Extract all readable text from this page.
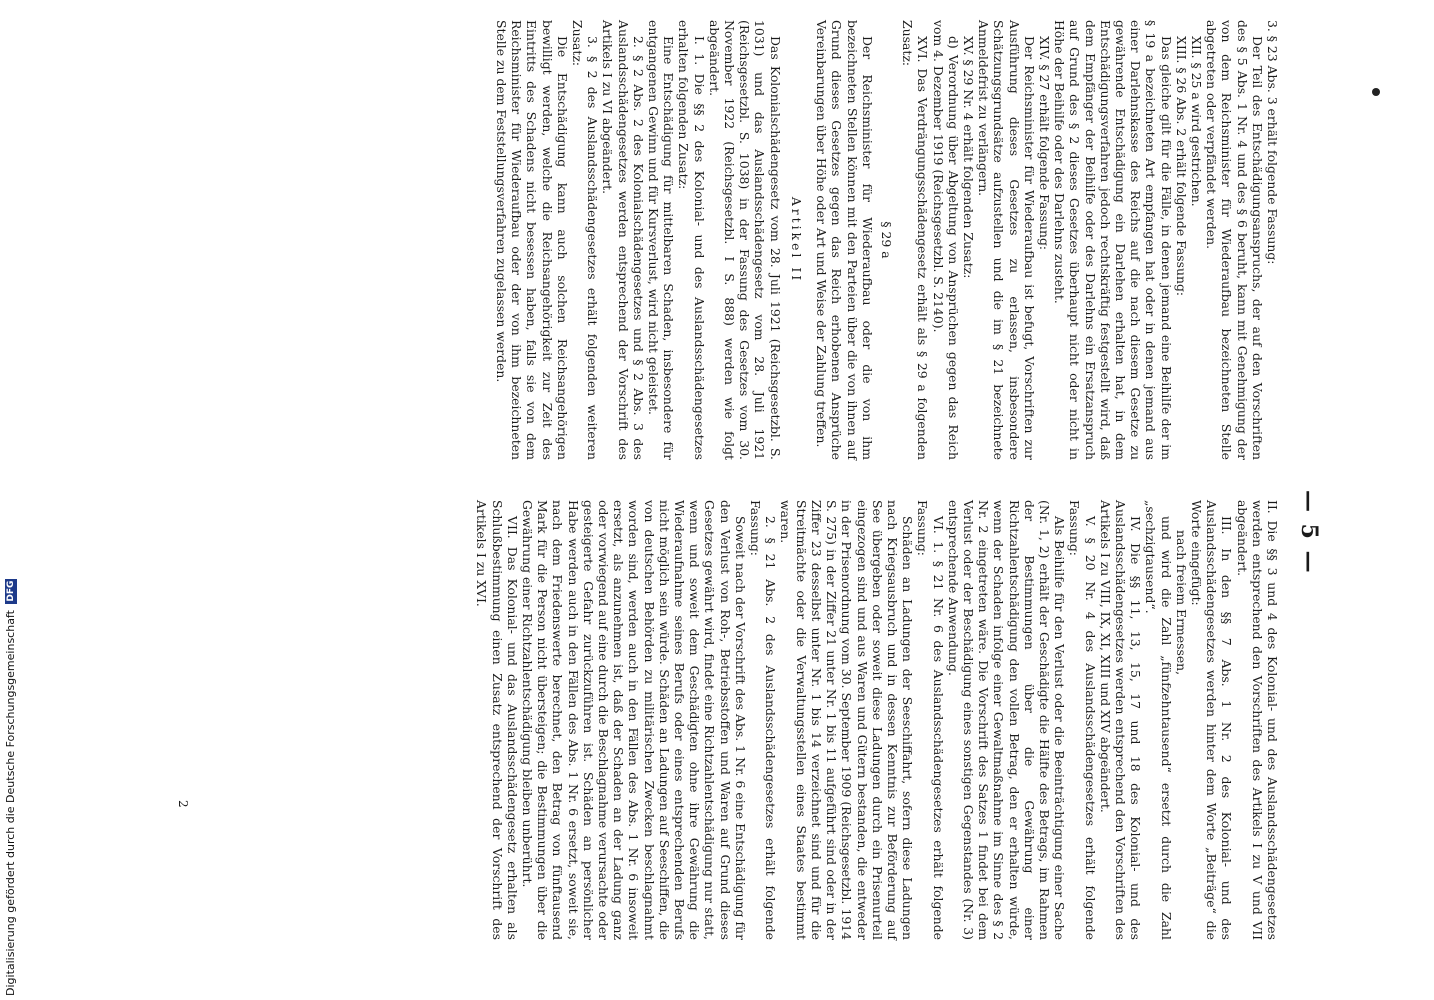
Digitalisierung gefördert durch die Deutsche Forschungsgemeinschaft DFG
— 5 —

3. § 23 Abs. 3 erhält folgende Fassung:

Der Teil des Entschädigungsanspruchs, der auf den Vorschriften des § 5 Abs. 1 Nr. 4 und des § 6 beruht, kann mit Genehmigung der von dem Reichsminister für Wiederaufbau bezeichneten Stelle abgetreten oder verpfändet werden.

XII. § 25 a wird gestrichen.

XIII. § 26 Abs. 2 erhält folgende Fassung:

Das gleiche gilt für die Fälle, in denen jemand eine Beihilfe der im § 19 a bezeichneten Art empfangen hat oder in denen jemand aus einer Darlehnskasse des Reichs auf die nach diesem Gesetze zu gewährende Entschädigung ein Darlehen erhalten hat, in dem Entschädigungsverfahren jedoch rechtskräftig festgestellt wird, daß dem Empfänger der Beihilfe oder des Darlehns ein Ersatzanspruch auf Grund des § 2 dieses Gesetzes überhaupt nicht oder nicht in Höhe der Beihilfe oder des Darlehns zusteht.

XIV. § 27 erhält folgende Fassung:

Der Reichsminister für Wiederaufbau ist befugt, Vorschriften zur Ausführung dieses Gesetzes zu erlassen, insbesondere Schätzungsgrundsätze aufzustellen und die im § 21 bezeichnete Anmeldefrist zu verlängern.

XV. § 29 Nr. 4 erhält folgenden Zusatz:

d) Verordnung über Abgeltung von Ansprüchen gegen das Reich vom 4. Dezember 1919 (Reichsgesetzbl. S. 2140).

XVI. Das Verdrängungsschädengesetz erhält als § 29 a folgenden Zusatz:

§ 29 a

Der Reichsminister für Wiederaufbau oder die von ihm bezeichneten Stellen können mit den Parteien über die von ihnen auf Grund dieses Gesetzes gegen das Reich erhobenen Ansprüche Vereinbarungen über Höhe oder Art und Weise der Zahlung treffen.

Artikel II

Das Kolonialschädengesetz vom 28. Juli 1921 (Reichsgesetzbl. S. 1031) und das Auslandsschädengesetz vom 28. Juli 1921 (Reichsgesetzbl. S. 1038) in der Fassung des Gesetzes vom 30. November 1922 (Reichsgesetzbl. I S. 888) werden wie folgt abgeändert.

I. 1. Die §§ 2 des Kolonial- und des Auslandsschädengesetzes erhalten folgenden Zusatz:

Eine Entschädigung für mittelbaren Schaden, insbesondere für entgangenen Gewinn und für Kursverlust, wird nicht geleistet.

2. § 2 Abs. 2 des Kolonialschädengesetzes und § 2 Abs. 3 des Auslandsschädengesetzes werden entsprechend der Vorschrift des Artikels I zu VI abgeändert.

3. § 2 des Auslandsschädengesetzes erhält folgenden weiteren Zusatz:

Die Entschädigung kann auch solchen Reichsangehörigen bewilligt werden, welche die Reichsangehörigkeit zur Zeit des Eintritts des Schadens nicht besessen haben, falls sie von dem Reichsminister für Wiederaufbau oder der von ihm bezeichneten Stelle zu dem Feststellungsverfahren zugelassen werden.

II. Die §§ 3 und 4 des Kolonial- und des Auslandsschädengesetzes werden entsprechend den Vorschriften des Artikels I zu V und VII abgeändert.

III. In den §§ 7 Abs. 1 Nr. 2 des Kolonial- und des Auslandsschädengesetzes werden hinter dem Worte „Beiträge“ die Worte eingefügt:

nach freiem Ermessen,

und wird die Zahl „fünfzehntausend“ ersetzt durch die Zahl „sechzigtausend“.

IV. Die §§ 11, 13, 15, 17 und 18 des Kolonial- und des Auslandsschädengesetzes werden entsprechend den Vorschriften des Artikels I zu VIII, IX, XI, XIII und XIV abgeändert.

V. § 20 Nr. 4 des Auslandsschädengesetzes erhält folgende Fassung:

Als Beihilfe für den Verlust oder die Beeinträchtigung einer Sache (Nr. 1, 2) erhält der Geschädigte die Hälfte des Betrags, im Rahmen der Bestimmungen über die Gewährung einer Richtzahlentschädigung den vollen Betrag, den er erhalten würde, wenn der Schaden infolge einer Gewaltmaßnahme im Sinne des § 2 Nr. 2 eingetreten wäre. Die Vorschrift des Satzes 1 findet bei dem Verlust oder der Beschädigung eines sonstigen Gegenstandes (Nr. 3) entsprechende Anwendung.

VI. 1. § 21 Nr. 6 des Auslandsschädengesetzes erhält folgende Fassung:

Schäden an Ladungen der Seeschiffahrt, sofern diese Ladungen nach Kriegsausbruch und in dessen Kenntnis zur Beförderung auf See übergeben oder soweit diese Ladungen durch ein Prisenurteil eingezogen sind und aus Waren und Gütern bestanden, die entweder in der Prisenordnung vom 30. September 1909 (Reichsgesetzbl. 1914 S. 275) in der Ziffer 21 unter Nr. 1 bis 11 aufgeführt sind oder in der Ziffer 23 desselbst unter Nr. 1 bis 14 verzeichnet sind und für die Streitmächte oder die Verwaltungsstellen eines Staates bestimmt waren.

2. § 21 Abs. 2 des Auslandsschädengesetzes erhält folgende Fassung:

Soweit nach der Vorschrift des Abs. 1 Nr. 6 eine Entschädigung für den Verlust von Roh-, Betriebsstoffen und Waren auf Grund dieses Gesetzes gewährt wird, findet eine Richtzahlentschädigung nur statt, wenn und soweit dem Geschädigten ohne ihre Gewährung die Wiederaufnahme seines Berufs oder eines entsprechenden Berufs nicht möglich sein würde. Schäden an Ladungen auf Seeschiffen, die von deutschen Behörden zu militärischen Zwecken beschlagnahmt worden sind, werden auch in den Fällen des Abs. 1 Nr. 6 insoweit ersetzt, als anzunehmen ist, daß der Schaden an der Ladung ganz oder vorwiegend auf eine durch die Beschlagnahme verursachte oder gesteigerte Gefahr zurückzuführen ist. Schäden an persönlicher Habe werden auch in den Fällen des Abs. 1 Nr. 6 ersetzt, soweit sie, nach dem Friedenswerte berechnet, den Betrag von fünftausend Mark für die Person nicht übersteigen; die Bestimmungen über die Gewährung einer Richtzahlentschädigung bleiben unberührt.

VII. Das Kolonial- und das Auslandsschädengesetz erhalten als Schlußbestimmung einen Zusatz entsprechend der Vorschrift des Artikels I zu XVI.

2
